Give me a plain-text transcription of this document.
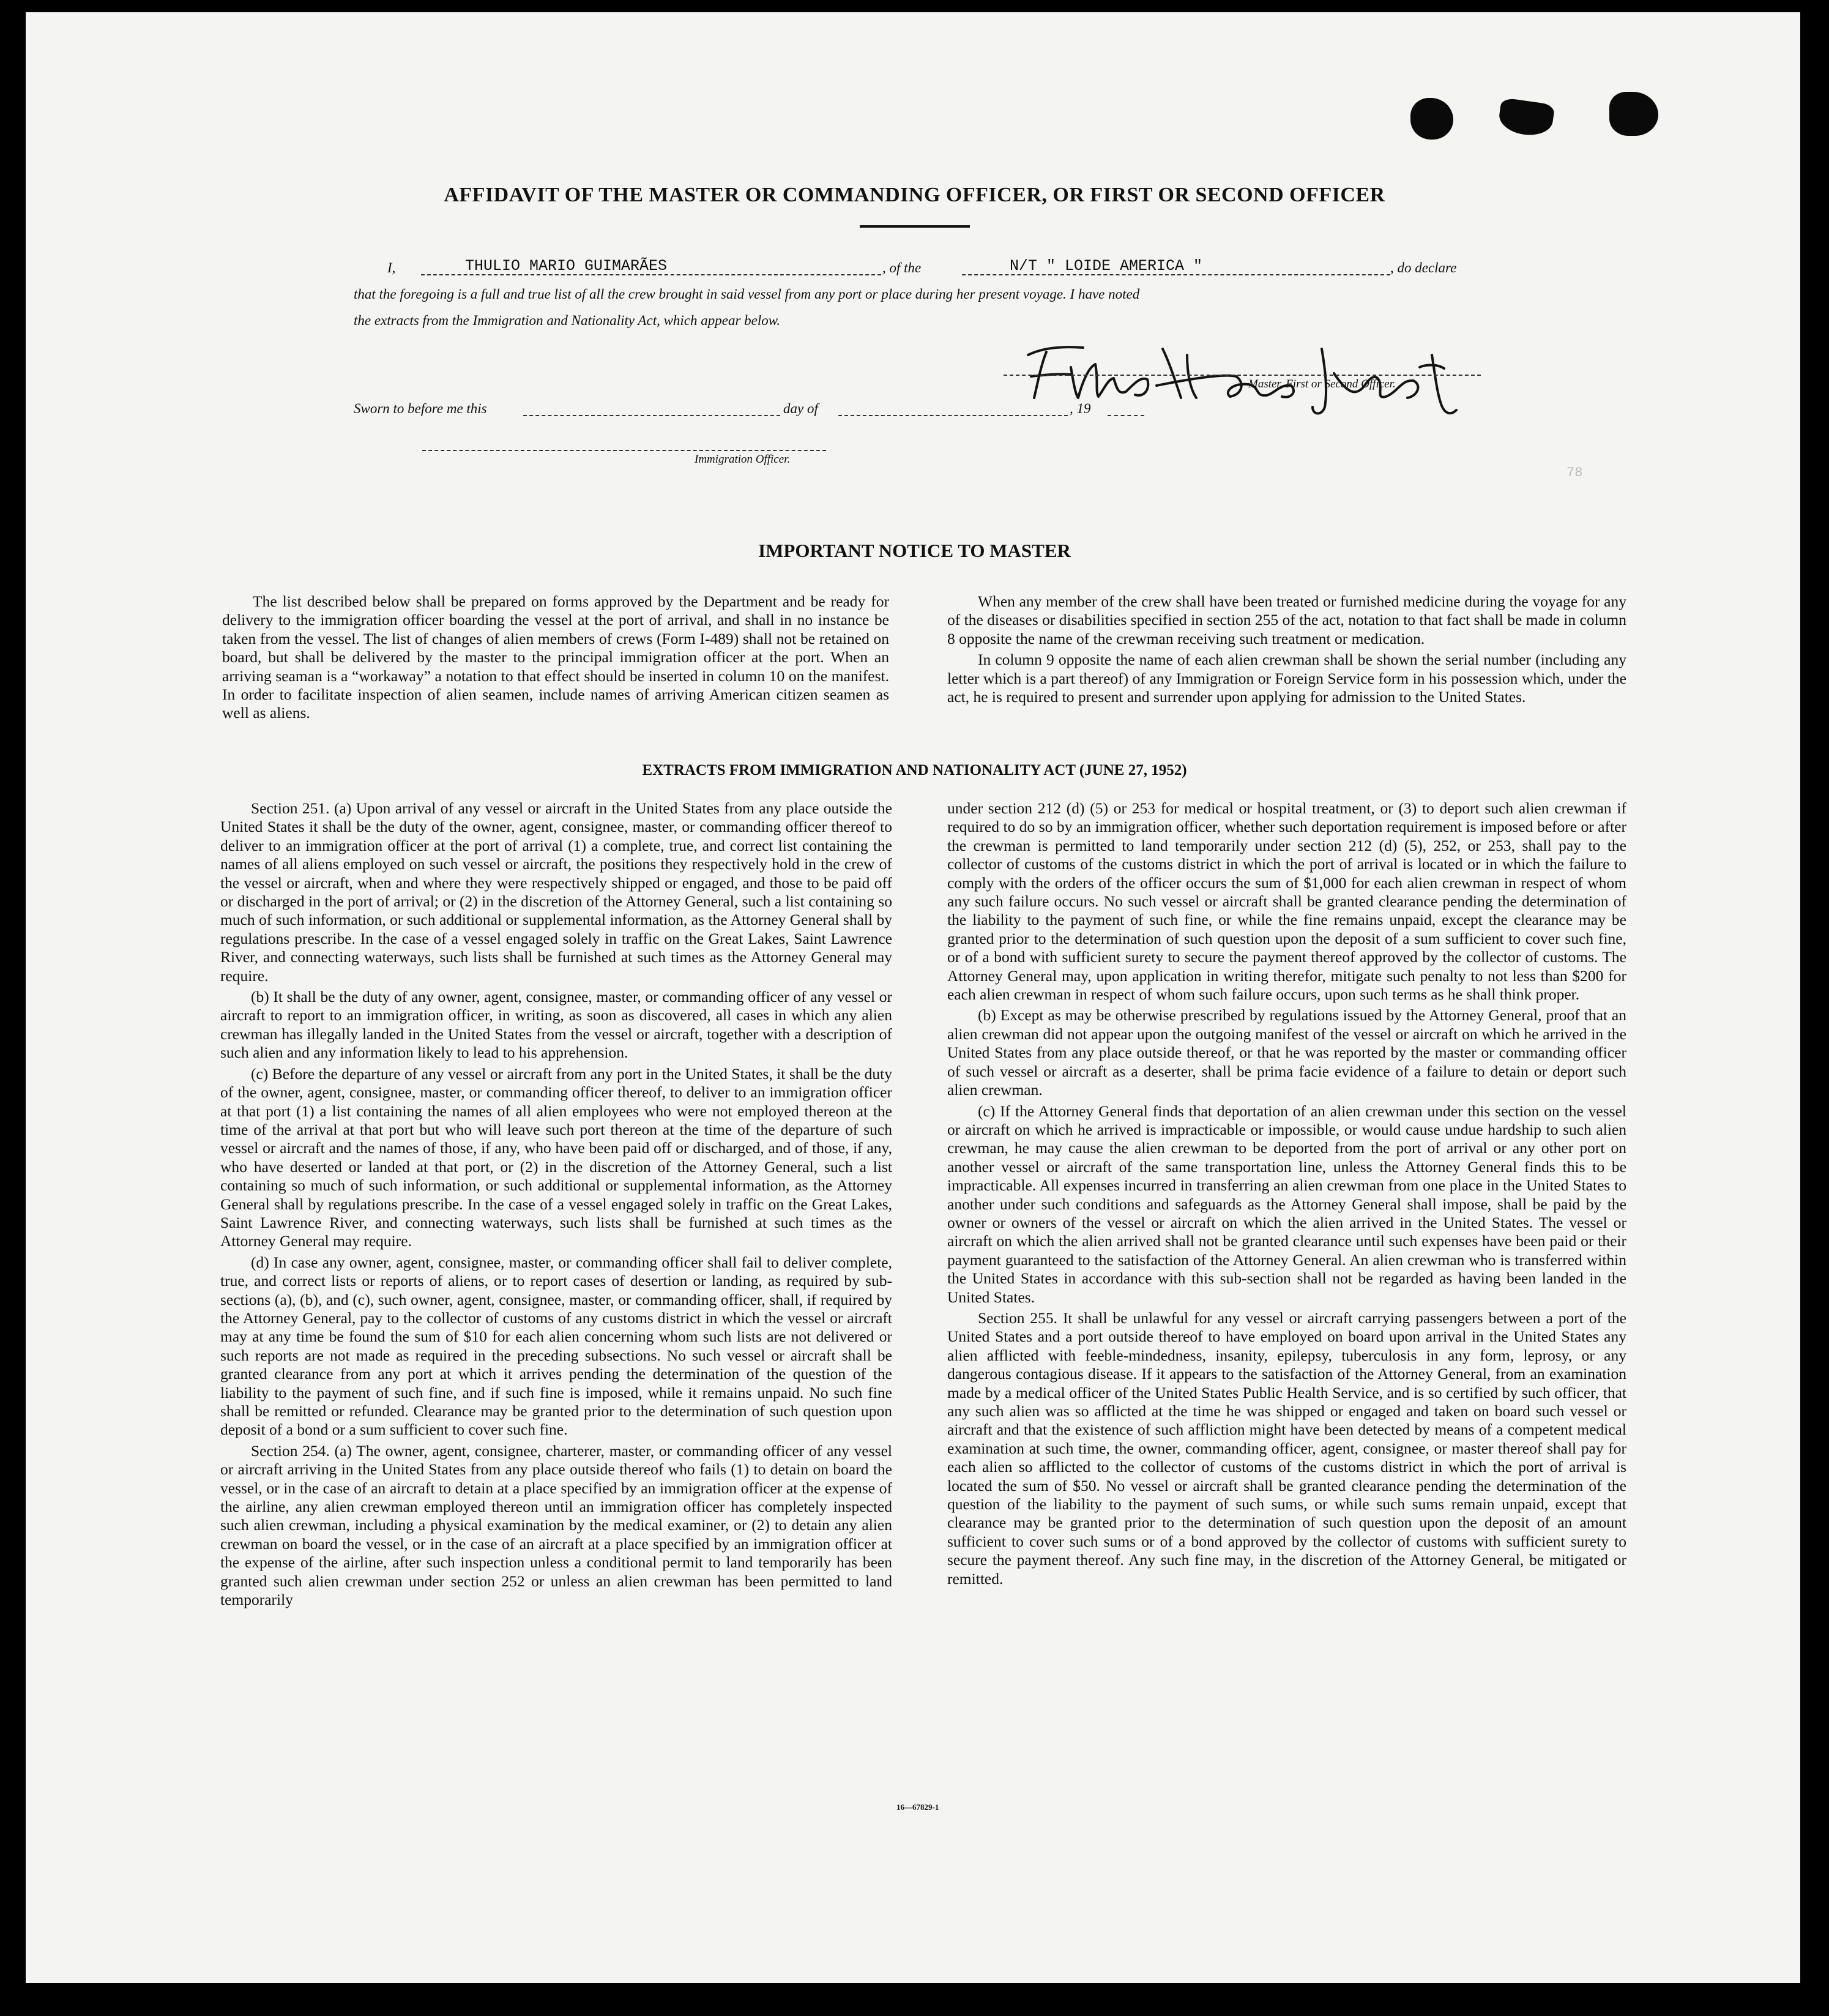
AFFIDAVIT OF THE MASTER OR COMMANDING OFFICER, OR FIRST OR SECOND OFFICER
I,	THULIO MARIO GUIMARÃES	, of the	N/T " LOIDE AMERICA "	, do declare
that the foregoing is a full and true list of all the crew brought in said vessel from any port or place during her present voyage. I have noted
the extracts from the Immigration and Nationality Act, which appear below.
Master, First or Second Officer.
Sworn to before me this	day of	, 19
Immigration Officer.
78
IMPORTANT NOTICE TO MASTER

The list described below shall be prepared on forms approved by the Department and be ready for delivery to the immigration officer boarding the vessel at the port of arrival, and shall in no instance be taken from the vessel. The list of changes of alien members of crews (Form I-489) shall not be retained on board, but shall be delivered by the master to the principal immigration officer at the port. When an arriving seaman is a “workaway” a notation to that effect should be inserted in column 10 on the manifest. In order to facilitate inspection of alien seamen, include names of arriving American citizen seamen as well as aliens.

When any member of the crew shall have been treated or furnished medicine during the voyage for any of the diseases or disabilities specified in section 255 of the act, notation to that fact shall be made in column 8 opposite the name of the crewman receiving such treatment or medication.

In column 9 opposite the name of each alien crewman shall be shown the serial number (including any letter which is a part thereof) of any Immigration or Foreign Service form in his possession which, under the act, he is required to present and surrender upon applying for admission to the United States.

EXTRACTS FROM IMMIGRATION AND NATIONALITY ACT (JUNE 27, 1952)

Section 251. (a) Upon arrival of any vessel or aircraft in the United States from any place outside the United States it shall be the duty of the owner, agent, consignee, master, or commanding officer thereof to deliver to an immigration officer at the port of arrival (1) a complete, true, and correct list containing the names of all aliens employed on such vessel or aircraft, the positions they respectively hold in the crew of the vessel or aircraft, when and where they were respectively shipped or engaged, and those to be paid off or discharged in the port of arrival; or (2) in the discretion of the Attorney General, such a list containing so much of such information, or such additional or supplemental information, as the Attorney General shall by regulations prescribe. In the case of a vessel engaged solely in traffic on the Great Lakes, Saint Lawrence River, and connecting waterways, such lists shall be furnished at such times as the Attorney General may require.

(b) It shall be the duty of any owner, agent, consignee, master, or commanding officer of any vessel or aircraft to report to an immigration officer, in writing, as soon as discovered, all cases in which any alien crewman has illegally landed in the United States from the vessel or aircraft, together with a description of such alien and any information likely to lead to his apprehension.

(c) Before the departure of any vessel or aircraft from any port in the United States, it shall be the duty of the owner, agent, consignee, master, or commanding officer thereof, to deliver to an immigration officer at that port (1) a list containing the names of all alien employees who were not employed thereon at the time of the arrival at that port but who will leave such port thereon at the time of the departure of such vessel or aircraft and the names of those, if any, who have been paid off or discharged, and of those, if any, who have deserted or landed at that port, or (2) in the discretion of the Attorney General, such a list containing so much of such information, or such additional or supplemental information, as the Attorney General shall by regulations prescribe. In the case of a vessel engaged solely in traffic on the Great Lakes, Saint Lawrence River, and connecting waterways, such lists shall be furnished at such times as the Attorney General may require.

(d) In case any owner, agent, consignee, master, or commanding officer shall fail to deliver complete, true, and correct lists or reports of aliens, or to report cases of desertion or landing, as required by sub-sections (a), (b), and (c), such owner, agent, consignee, master, or commanding officer, shall, if required by the Attorney General, pay to the collector of customs of any customs district in which the vessel or aircraft may at any time be found the sum of $10 for each alien concerning whom such lists are not delivered or such reports are not made as required in the preceding subsections. No such vessel or aircraft shall be granted clearance from any port at which it arrives pending the determination of the question of the liability to the payment of such fine, and if such fine is imposed, while it remains unpaid. No such fine shall be remitted or refunded. Clearance may be granted prior to the determination of such question upon deposit of a bond or a sum sufficient to cover such fine.

Section 254. (a) The owner, agent, consignee, charterer, master, or commanding officer of any vessel or aircraft arriving in the United States from any place outside thereof who fails (1) to detain on board the vessel, or in the case of an aircraft to detain at a place specified by an immigration officer at the expense of the airline, any alien crewman employed thereon until an immigration officer has completely inspected such alien crewman, including a physical examination by the medical examiner, or (2) to detain any alien crewman on board the vessel, or in the case of an aircraft at a place specified by an immigration officer at the expense of the airline, after such inspection unless a conditional permit to land temporarily has been granted such alien crewman under section 252 or unless an alien crewman has been permitted to land temporarily

under section 212 (d) (5) or 253 for medical or hospital treatment, or (3) to deport such alien crewman if required to do so by an immigration officer, whether such deportation requirement is imposed before or after the crewman is permitted to land temporarily under section 212 (d) (5), 252, or 253, shall pay to the collector of customs of the customs district in which the port of arrival is located or in which the failure to comply with the orders of the officer occurs the sum of $1,000 for each alien crewman in respect of whom any such failure occurs. No such vessel or aircraft shall be granted clearance pending the determination of the liability to the payment of such fine, or while the fine remains unpaid, except the clearance may be granted prior to the determination of such question upon the deposit of a sum sufficient to cover such fine, or of a bond with sufficient surety to secure the payment thereof approved by the collector of customs. The Attorney General may, upon application in writing therefor, mitigate such penalty to not less than $200 for each alien crewman in respect of whom such failure occurs, upon such terms as he shall think proper.

(b) Except as may be otherwise prescribed by regulations issued by the Attorney General, proof that an alien crewman did not appear upon the outgoing manifest of the vessel or aircraft on which he arrived in the United States from any place outside thereof, or that he was reported by the master or commanding officer of such vessel or aircraft as a deserter, shall be prima facie evidence of a failure to detain or deport such alien crewman.

(c) If the Attorney General finds that deportation of an alien crewman under this section on the vessel or aircraft on which he arrived is impracticable or impossible, or would cause undue hardship to such alien crewman, he may cause the alien crewman to be deported from the port of arrival or any other port on another vessel or aircraft of the same transportation line, unless the Attorney General finds this to be impracticable. All expenses incurred in transferring an alien crewman from one place in the United States to another under such conditions and safeguards as the Attorney General shall impose, shall be paid by the owner or owners of the vessel or aircraft on which the alien arrived in the United States. The vessel or aircraft on which the alien arrived shall not be granted clearance until such expenses have been paid or their payment guaranteed to the satisfaction of the Attorney General. An alien crewman who is transferred within the United States in accordance with this sub-section shall not be regarded as having been landed in the United States.

Section 255. It shall be unlawful for any vessel or aircraft carrying passengers between a port of the United States and a port outside thereof to have employed on board upon arrival in the United States any alien afflicted with feeble-mindedness, insanity, epilepsy, tuberculosis in any form, leprosy, or any dangerous contagious disease. If it appears to the satisfaction of the Attorney General, from an examination made by a medical officer of the United States Public Health Service, and is so certified by such officer, that any such alien was so afflicted at the time he was shipped or engaged and taken on board such vessel or aircraft and that the existence of such affliction might have been detected by means of a competent medical examination at such time, the owner, commanding officer, agent, consignee, or master thereof shall pay for each alien so afflicted to the collector of customs of the customs district in which the port of arrival is located the sum of $50. No vessel or aircraft shall be granted clearance pending the determination of the question of the liability to the payment of such sums, or while such sums remain unpaid, except that clearance may be granted prior to the determination of such question upon the deposit of an amount sufficient to cover such sums or of a bond approved by the collector of customs with sufficient surety to secure the payment thereof. Any such fine may, in the discretion of the Attorney General, be mitigated or remitted.

16—67829-1
